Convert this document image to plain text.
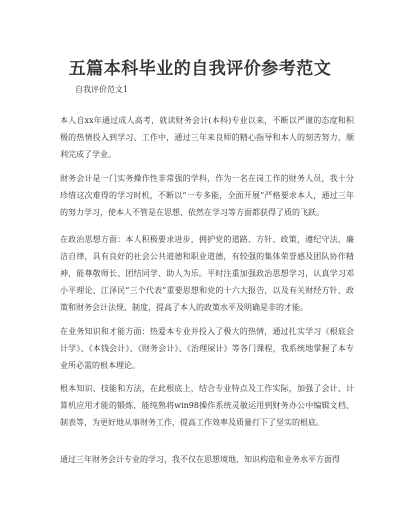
五篇本科毕业的自我评价参考范文

自我评价范文1

本人自xx年通过成人高考，就读财务会计(本科)专业以来，不断以严谨的态度和积极的热情投入到学习、工作中，通过三年来良师的精心指导和本人的刻苦努力，顺利完成了学业。

财务会计是一门实务操作性非常强的学科，作为一名在岗工作的财务人员，我十分珍惜这次难得的学习时机，不断以“一专多能，全面开展”严格要求本人，通过三年的努力学习，使本人不管是在思想、依然在学习等方面都获得了质的飞跃。

在政治思想方面：本人积极要求进步，拥护党的道路、方针、政策，遵纪守法，廉洁自律，具有良好的社会公共道德和职业道德，有较强的集体荣誉感及团队协作精神，能尊敬师长、团结同学、助人为乐。平时注重加强政治思想学习，认真学习邓小平理论、江泽民“三个代表”重要思想和党的十六大报告，以及有关财经方针、政策和财务会计法规、制度，提高了本人的政策水平及明确是非的才能。

在业务知识和才能方面：热爱本专业并投入了极大的热情，通过扎实学习《根底会计学》、《本钱会计》、《财务会计》、《治理屎计》等各门课程，我系统地掌握了本专业所必需的根本理论。

根本知识、技能和方法，在此根底上，结合专业特点及工作实际，加强了会计、计算机应用才能的锻炼，能纯熟将win98操作系统灵敏运用到财务办公中编辑文档、制表等，为更好地从事财务工作，提高工作效率及质量打下了坚实的根底。

通过三年财务会计专业的学习，我不仅在思想境地、知识构造和业务水平方面得
